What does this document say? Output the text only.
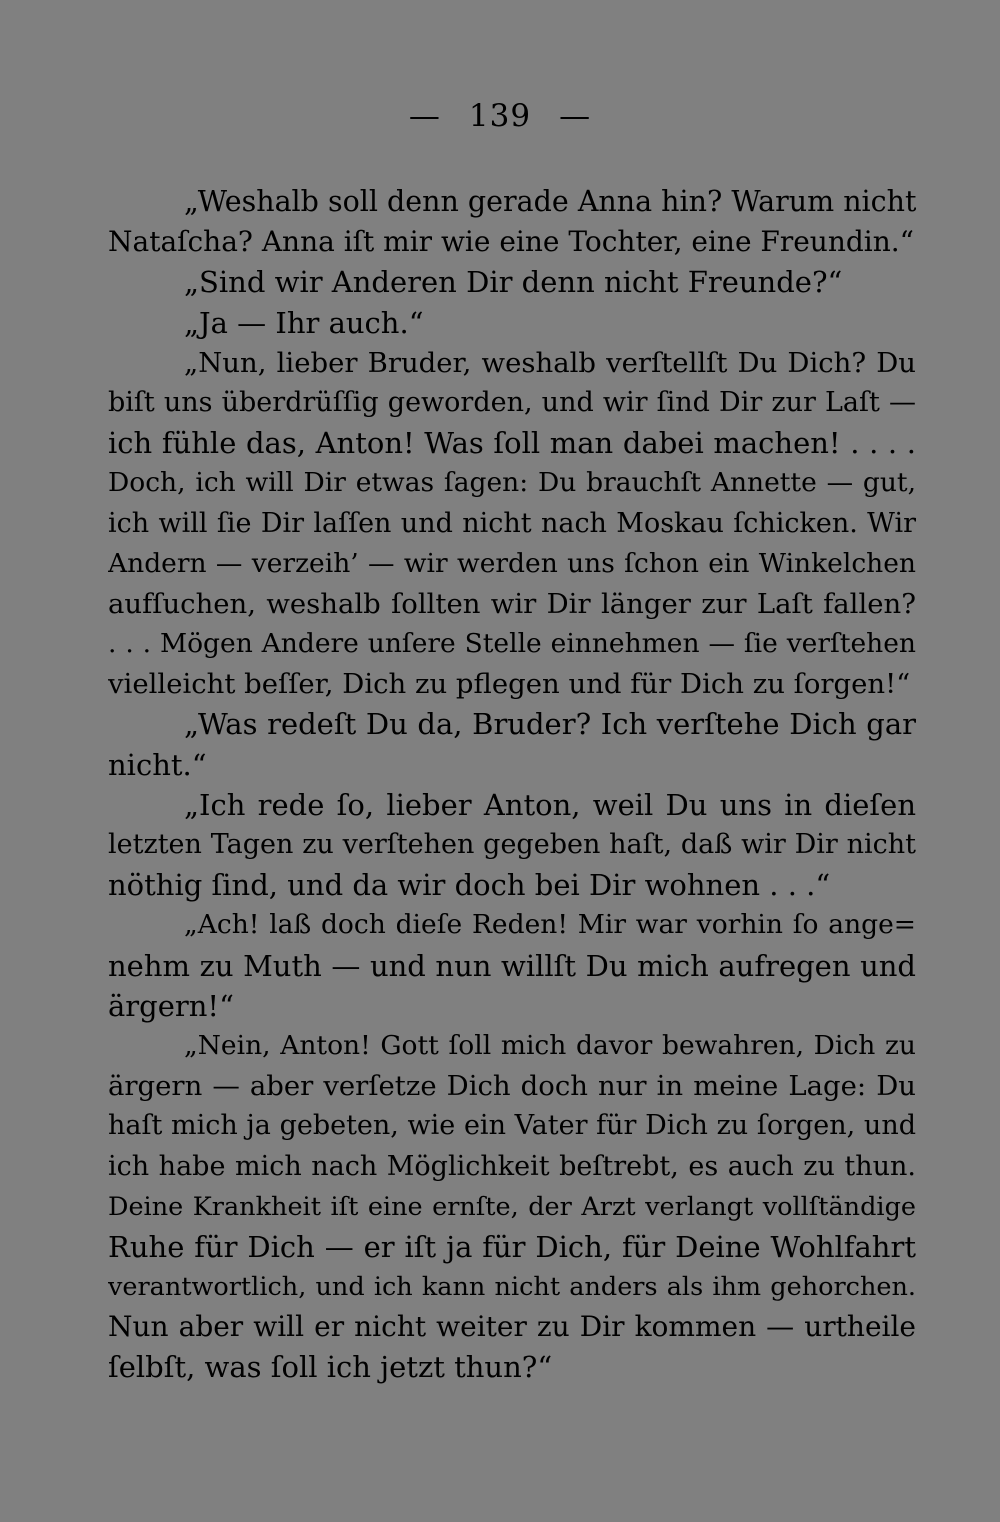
— 139 —
„Weshalb soll denn gerade Anna hin? Warum nicht
Nataſcha? Anna iſt mir wie eine Tochter, eine Freundin.“
„Sind wir Anderen Dir denn nicht Freunde?“
„Ja — Ihr auch.“
„Nun, lieber Bruder, weshalb verſtellſt Du Dich? Du
biſt uns überdrüſſig geworden, und wir ſind Dir zur Laſt —
ich fühle das, Anton! Was ſoll man dabei machen! . . . .
Doch, ich will Dir etwas ſagen: Du brauchſt Annette — gut,
ich will ſie Dir laſſen und nicht nach Moskau ſchicken. Wir
Andern — verzeih’ — wir werden uns ſchon ein Winkelchen
aufſuchen, weshalb ſollten wir Dir länger zur Laſt fallen?
. . . Mögen Andere unſere Stelle einnehmen — ſie verſtehen
vielleicht beſſer, Dich zu pflegen und für Dich zu ſorgen!“
„Was redeſt Du da, Bruder? Ich verſtehe Dich gar
nicht.“
„Ich rede ſo, lieber Anton, weil Du uns in dieſen
letzten Tagen zu verſtehen gegeben haſt, daß wir Dir nicht
nöthig ſind, und da wir doch bei Dir wohnen . . .“
„Ach! laß doch dieſe Reden! Mir war vorhin ſo ange=
nehm zu Muth — und nun willſt Du mich aufregen und
ärgern!“
„Nein, Anton! Gott ſoll mich davor bewahren, Dich zu
ärgern — aber verſetze Dich doch nur in meine Lage: Du
haſt mich ja gebeten, wie ein Vater für Dich zu ſorgen, und
ich habe mich nach Möglichkeit beſtrebt, es auch zu thun.
Deine Krankheit iſt eine ernſte, der Arzt verlangt vollſtändige
Ruhe für Dich — er iſt ja für Dich, für Deine Wohlfahrt
verantwortlich, und ich kann nicht anders als ihm gehorchen.
Nun aber will er nicht weiter zu Dir kommen — urtheile
ſelbſt, was ſoll ich jetzt thun?“
